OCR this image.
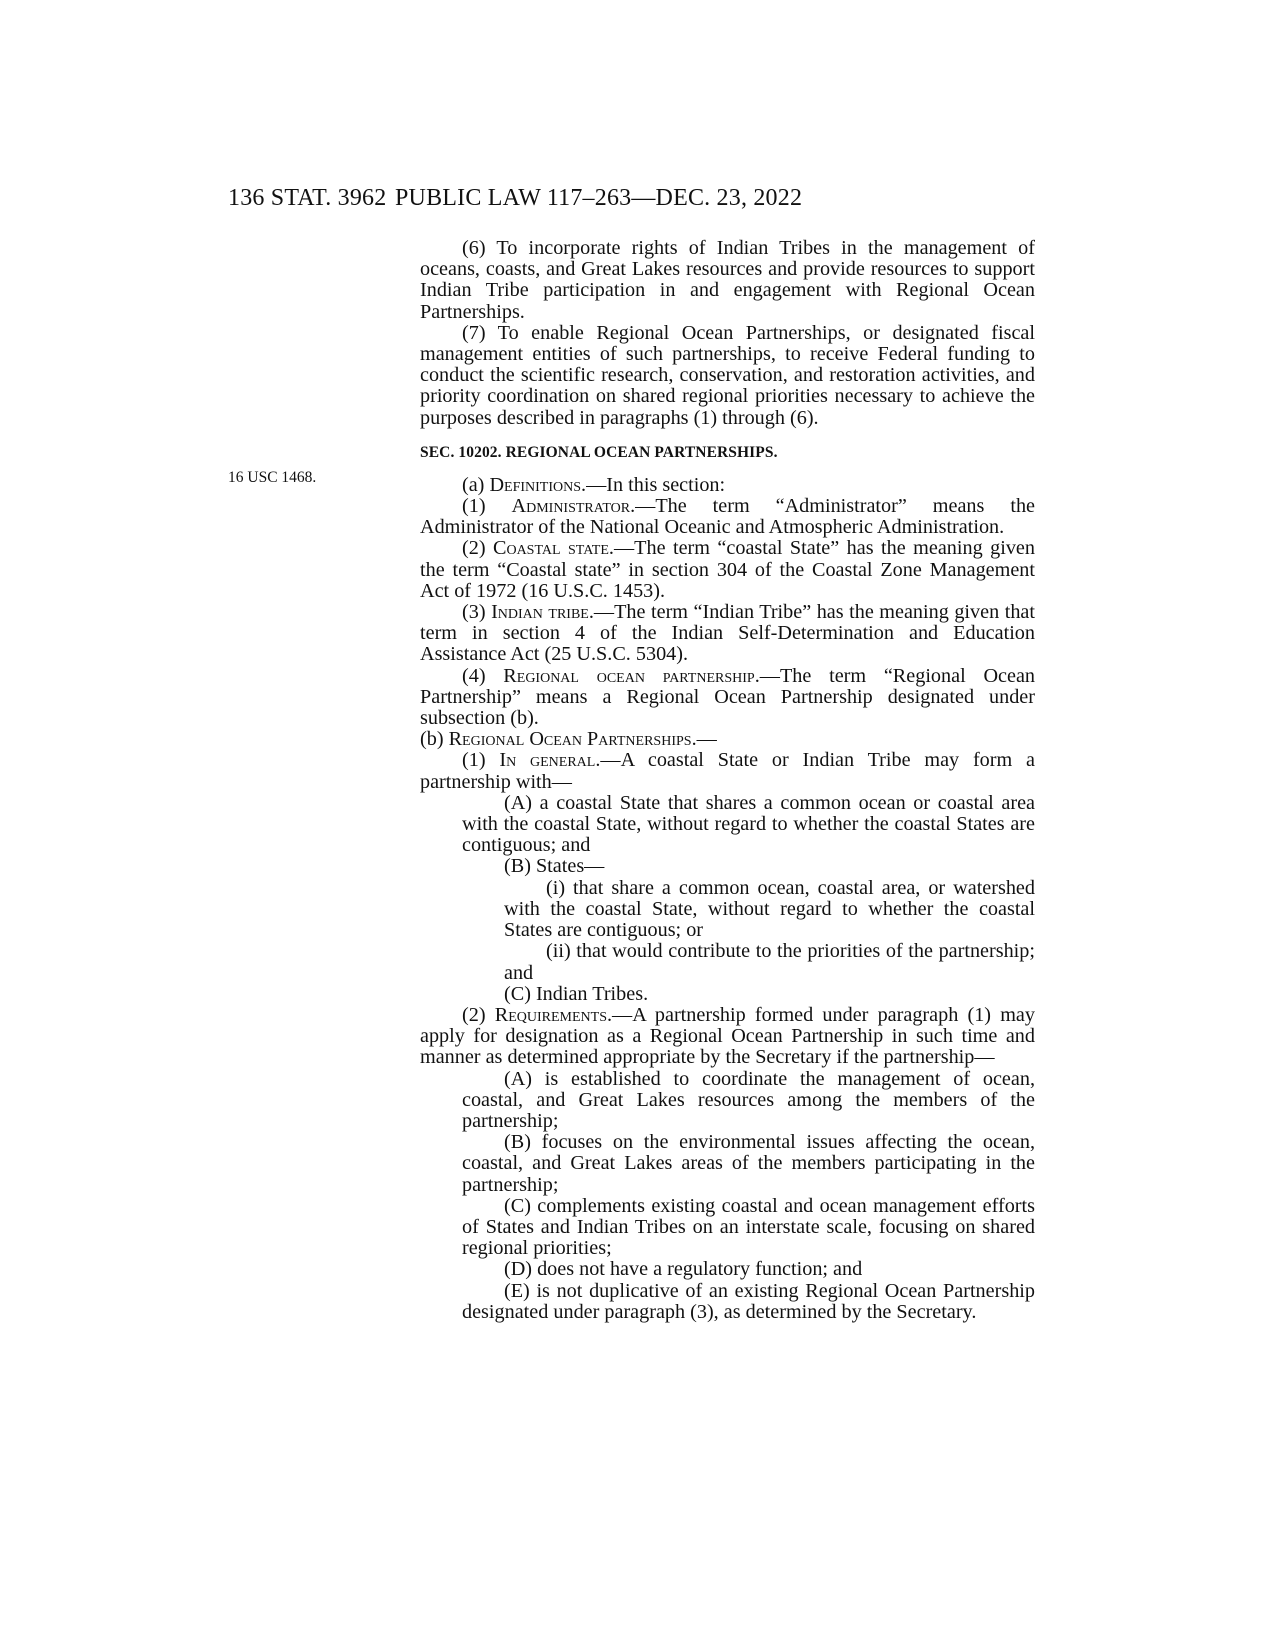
136 STAT. 3962 PUBLIC LAW 117–263—DEC. 23, 2022
16 USC 1468.

(6) To incorporate rights of Indian Tribes in the management of oceans, coasts, and Great Lakes resources and provide resources to support Indian Tribe participation in and engagement with Regional Ocean Partnerships.

(7) To enable Regional Ocean Partnerships, or designated fiscal management entities of such partnerships, to receive Federal funding to conduct the scientific research, conservation, and restoration activities, and priority coordination on shared regional priorities necessary to achieve the purposes described in paragraphs (1) through (6).

SEC. 10202. REGIONAL OCEAN PARTNERSHIPS.

(a) Definitions.—In this section:

(1) Administrator.—The term “Administrator” means the Administrator of the National Oceanic and Atmospheric Administration.

(2) Coastal state.—The term “coastal State” has the meaning given the term “Coastal state” in section 304 of the Coastal Zone Management Act of 1972 (16 U.S.C. 1453).

(3) Indian tribe.—The term “Indian Tribe” has the meaning given that term in section 4 of the Indian Self-Determination and Education Assistance Act (25 U.S.C. 5304).

(4) Regional ocean partnership.—The term “Regional Ocean Partnership” means a Regional Ocean Partnership designated under subsection (b).

(b) Regional Ocean Partnerships.—

(1) In general.—A coastal State or Indian Tribe may form a partnership with—

(A) a coastal State that shares a common ocean or coastal area with the coastal State, without regard to whether the coastal States are contiguous; and

(B) States—

(i) that share a common ocean, coastal area, or watershed with the coastal State, without regard to whether the coastal States are contiguous; or

(ii) that would contribute to the priorities of the partnership; and

(C) Indian Tribes.

(2) Requirements.—A partnership formed under paragraph (1) may apply for designation as a Regional Ocean Partnership in such time and manner as determined appropriate by the Secretary if the partnership—

(A) is established to coordinate the management of ocean, coastal, and Great Lakes resources among the members of the partnership;

(B) focuses on the environmental issues affecting the ocean, coastal, and Great Lakes areas of the members participating in the partnership;

(C) complements existing coastal and ocean management efforts of States and Indian Tribes on an interstate scale, focusing on shared regional priorities;

(D) does not have a regulatory function; and

(E) is not duplicative of an existing Regional Ocean Partnership designated under paragraph (3), as determined by the Secretary.
